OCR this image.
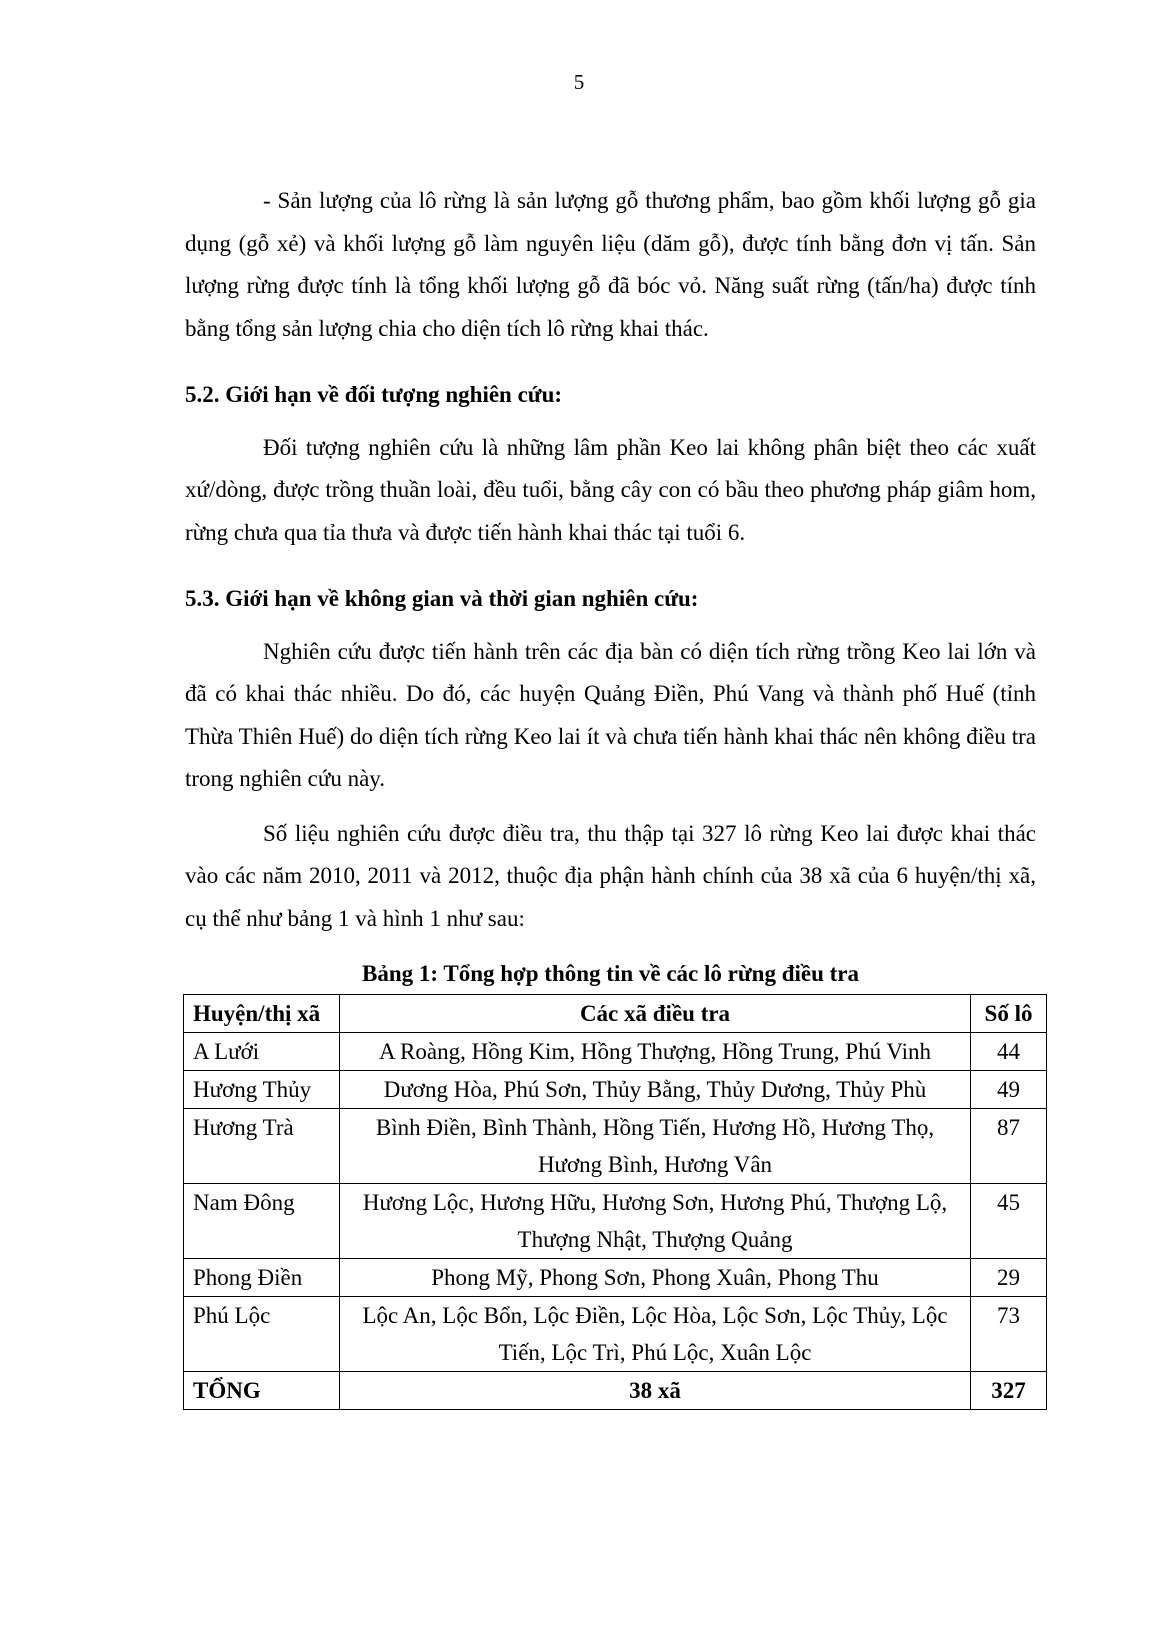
5

- Sản lượng của lô rừng là sản lượng gỗ thương phẩm, bao gồm khối lượng gỗ gia dụng (gỗ xẻ) và khối lượng gỗ làm nguyên liệu (dăm gỗ), được tính bằng đơn vị tấn. Sản lượng rừng được tính là tổng khối lượng gỗ đã bóc vỏ. Năng suất rừng (tấn/ha) được tính bằng tổng sản lượng chia cho diện tích lô rừng khai thác.

5.2. Giới hạn về đối tượng nghiên cứu:

Đối tượng nghiên cứu là những lâm phần Keo lai không phân biệt theo các xuất xứ/dòng, được trồng thuần loài, đều tuổi, bằng cây con có bầu theo phương pháp giâm hom, rừng chưa qua tỉa thưa và được tiến hành khai thác tại tuổi 6.

5.3. Giới hạn về không gian và thời gian nghiên cứu:

Nghiên cứu được tiến hành trên các địa bàn có diện tích rừng trồng Keo lai lớn và đã có khai thác nhiều. Do đó, các huyện Quảng Điền, Phú Vang và thành phố Huế (tỉnh Thừa Thiên Huế) do diện tích rừng Keo lai ít và chưa tiến hành khai thác nên không điều tra trong nghiên cứu này.

Số liệu nghiên cứu được điều tra, thu thập tại 327 lô rừng Keo lai được khai thác vào các năm 2010, 2011 và 2012, thuộc địa phận hành chính của 38 xã của 6 huyện/thị xã, cụ thể như bảng 1 và hình 1 như sau:

Bảng 1: Tổng hợp thông tin về các lô rừng điều tra
Huyện/thị xã	Các xã điều tra	Số lô
A Lưới	A Roàng, Hồng Kim, Hồng Thượng, Hồng Trung, Phú Vinh	44
Hương Thủy	Dương Hòa, Phú Sơn, Thủy Bằng, Thủy Dương, Thủy Phù	49
Hương Trà	Bình Điền, Bình Thành, Hồng Tiến, Hương Hồ, Hương Thọ, Hương Bình, Hương Vân	87
Nam Đông	Hương Lộc, Hương Hữu, Hương Sơn, Hương Phú, Thượng Lộ, Thượng Nhật, Thượng Quảng	45
Phong Điền	Phong Mỹ, Phong Sơn, Phong Xuân, Phong Thu	29
Phú Lộc	Lộc An, Lộc Bổn, Lộc Điền, Lộc Hòa, Lộc Sơn, Lộc Thủy, Lộc Tiến, Lộc Trì, Phú Lộc, Xuân Lộc	73
TỔNG	38 xã	327
